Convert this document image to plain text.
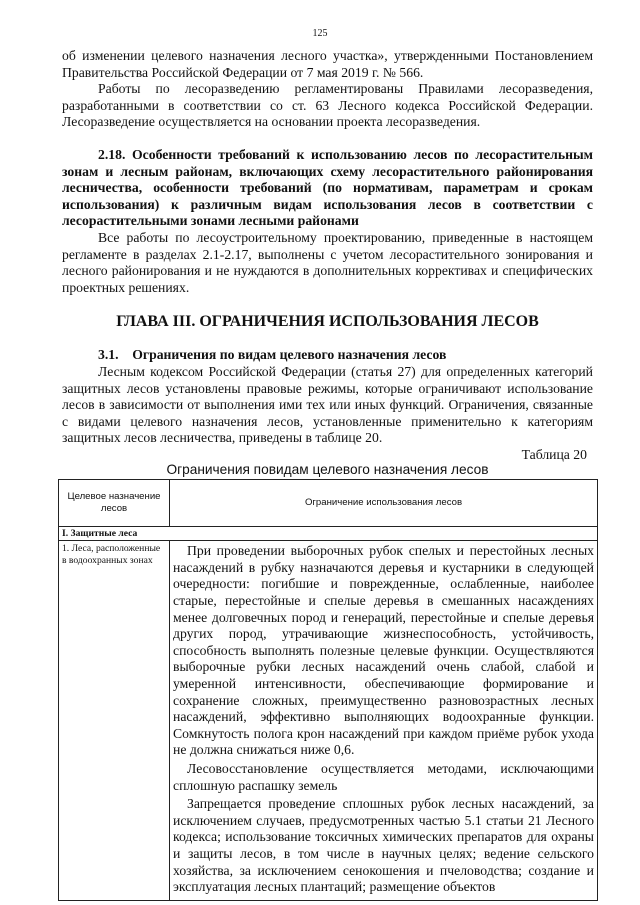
125

об изменении целевого назначения лесного участка», утвержденными Постановлением Правительства Российской Федерации от 7 мая 2019 г. № 566.

Работы по лесоразведению регламентированы Правилами лесоразведения, разработанными в соответствии со ст. 63 Лесного кодекса Российской Федерации. Лесоразведение осуществляется на основании проекта лесоразведения.

2.18. Особенности требований к использованию лесов по лесорастительным зонам и лесным районам, включающих схему лесорастительного районирования лесничества, особенности требований (по нормативам, параметрам и срокам использования) к различным видам использования лесов в соответствии с лесорастительными зонами лесными районами

Все работы по лесоустроительному проектированию, приведенные в настоящем регламенте в разделах 2.1-2.17, выполнены с учетом лесорастительного зонирования и лесного районирования и не нуждаются в дополнительных коррективах и специфических проектных решениях.

ГЛАВА III. ОГРАНИЧЕНИЯ ИСПОЛЬЗОВАНИЯ ЛЕСОВ
3.1.    Ограничения по видам целевого назначения лесов

Лесным кодексом Российской Федерации (статья 27) для определенных категорий защитных лесов установлены правовые режимы, которые ограничивают использование лесов в зависимости от выполнения ими тех или иных функций. Ограничения, связанные с видами целевого назначения лесов, установленные применительно к категориям защитных лесов лесничества, приведены в таблице 20.

Таблица 20
Ограничения повидам целевого назначения лесов
Целевое назначение лесов	Ограничение использования лесов
I. Защитные леса	
1. Леса, расположенные в водоохранных зонах	При проведении выборочных рубок спелых и перестойных лесных насаждений в рубку назначаются деревья и кустарники в следующей очередности: погибшие и поврежденные, ослабленные, наиболее старые, перестойные и спелые деревья в смешанных насаждениях менее долговечных пород и генераций, перестойные и спелые деревья других пород, утрачивающие жизнеспособность, устойчивость, способность выполнять полезные целевые функции. Осуществляются выборочные рубки лесных насаждений очень слабой, слабой и умеренной интенсивности, обеспечивающие формирование и сохранение сложных, преимущественно разновозрастных лесных насаждений, эффективно выполняющих водоохранные функции. Сомкнутость полога крон насаждений при каждом приёме рубок ухода не должна снижаться ниже 0,6.

Лесовосстановление осуществляется методами, исключающими сплошную распашку земель

Запрещается проведение сплошных рубок лесных насаждений, за исключением случаев, предусмотренных частью 5.1 статьи 21 Лесного кодекса; использование токсичных химических препаратов для охраны и защиты лесов, в том числе в научных целях; ведение сельского хозяйства, за исключением сенокошения и пчеловодства; создание и эксплуатация лесных плантаций; размещение объектов
